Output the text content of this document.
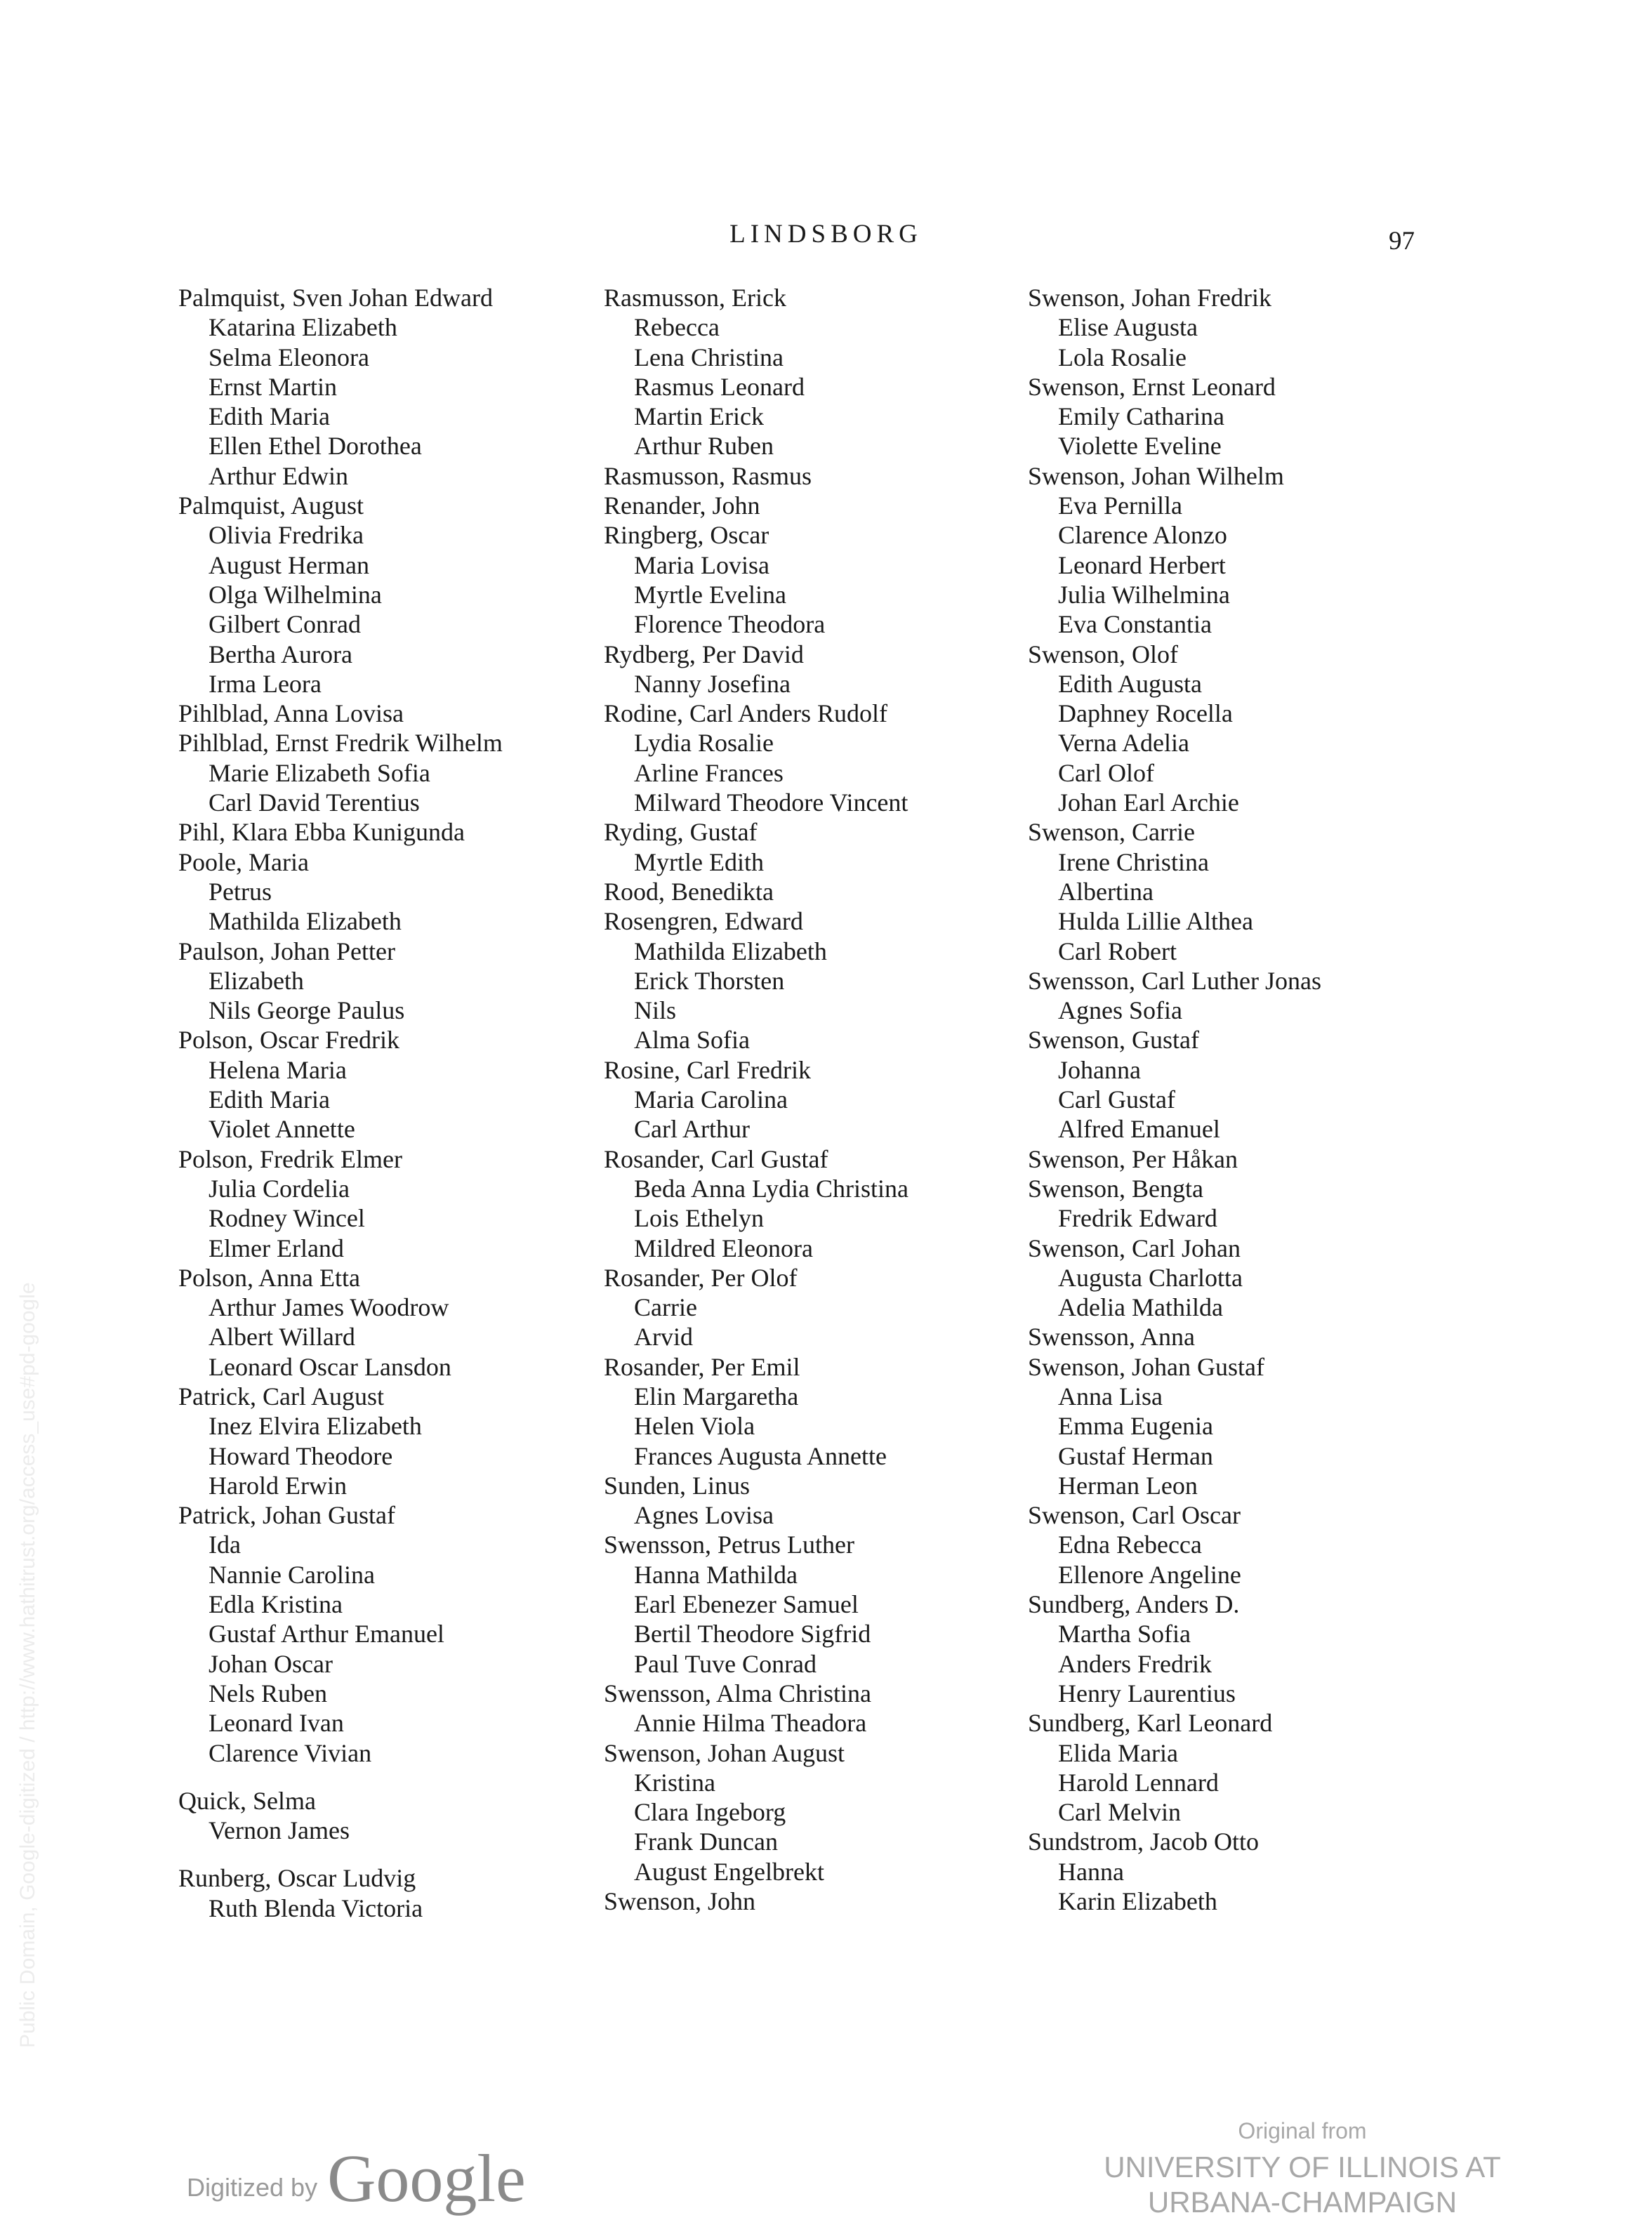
Public Domain, Google-digitized / http://www.hathitrust.org/access_use#pd-google
LINDSBORG	97
Palmquist, Sven Johan Edward
Katarina Elizabeth
Selma Eleonora
Ernst Martin
Edith Maria
Ellen Ethel Dorothea
Arthur Edwin
Palmquist, August
Olivia Fredrika
August Herman
Olga Wilhelmina
Gilbert Conrad
Bertha Aurora
Irma Leora
Pihlblad, Anna Lovisa
Pihlblad, Ernst Fredrik Wilhelm
Marie Elizabeth Sofia
Carl David Terentius
Pihl, Klara Ebba Kunigunda
Poole, Maria
Petrus
Mathilda Elizabeth
Paulson, Johan Petter
Elizabeth
Nils George Paulus
Polson, Oscar Fredrik
Helena Maria
Edith Maria
Violet Annette
Polson, Fredrik Elmer
Julia Cordelia
Rodney Wincel
Elmer Erland
Polson, Anna Etta
Arthur James Woodrow
Albert Willard
Leonard Oscar Lansdon
Patrick, Carl August
Inez Elvira Elizabeth
Howard Theodore
Harold Erwin
Patrick, Johan Gustaf
Ida
Nannie Carolina
Edla Kristina
Gustaf Arthur Emanuel
Johan Oscar
Nels Ruben
Leonard Ivan
Clarence Vivian
Quick, Selma
Vernon James
Runberg, Oscar Ludvig
Ruth Blenda Victoria
Rasmusson, Erick
Rebecca
Lena Christina
Rasmus Leonard
Martin Erick
Arthur Ruben
Rasmusson, Rasmus
Renander, John
Ringberg, Oscar
Maria Lovisa
Myrtle Evelina
Florence Theodora
Rydberg, Per David
Nanny Josefina
Rodine, Carl Anders Rudolf
Lydia Rosalie
Arline Frances
Milward Theodore Vincent
Ryding, Gustaf
Myrtle Edith
Rood, Benedikta
Rosengren, Edward
Mathilda Elizabeth
Erick Thorsten
Nils
Alma Sofia
Rosine, Carl Fredrik
Maria Carolina
Carl Arthur
Rosander, Carl Gustaf
Beda Anna Lydia Christina
Lois Ethelyn
Mildred Eleonora
Rosander, Per Olof
Carrie
Arvid
Rosander, Per Emil
Elin Margaretha
Helen Viola
Frances Augusta Annette
Sunden, Linus
Agnes Lovisa
Swensson, Petrus Luther
Hanna Mathilda
Earl Ebenezer Samuel
Bertil Theodore Sigfrid
Paul Tuve Conrad
Swensson, Alma Christina
Annie Hilma Theadora
Swenson, Johan August
Kristina
Clara Ingeborg
Frank Duncan
August Engelbrekt
Swenson, John
Swenson, Johan Fredrik
Elise Augusta
Lola Rosalie
Swenson, Ernst Leonard
Emily Catharina
Violette Eveline
Swenson, Johan Wilhelm
Eva Pernilla
Clarence Alonzo
Leonard Herbert
Julia Wilhelmina
Eva Constantia
Swenson, Olof
Edith Augusta
Daphney Rocella
Verna Adelia
Carl Olof
Johan Earl Archie
Swenson, Carrie
Irene Christina
Albertina
Hulda Lillie Althea
Carl Robert
Swensson, Carl Luther Jonas
Agnes Sofia
Swenson, Gustaf
Johanna
Carl Gustaf
Alfred Emanuel
Swenson, Per Håkan
Swenson, Bengta
Fredrik Edward
Swenson, Carl Johan
Augusta Charlotta
Adelia Mathilda
Swensson, Anna
Swenson, Johan Gustaf
Anna Lisa
Emma Eugenia
Gustaf Herman
Herman Leon
Swenson, Carl Oscar
Edna Rebecca
Ellenore Angeline
Sundberg, Anders D.
Martha Sofia
Anders Fredrik
Henry Laurentius
Sundberg, Karl Leonard
Elida Maria
Harold Lennard
Carl Melvin
Sundstrom, Jacob Otto
Hanna
Karin Elizabeth
Digitized by Google
Original from
UNIVERSITY OF ILLINOIS AT
URBANA-CHAMPAIGN
